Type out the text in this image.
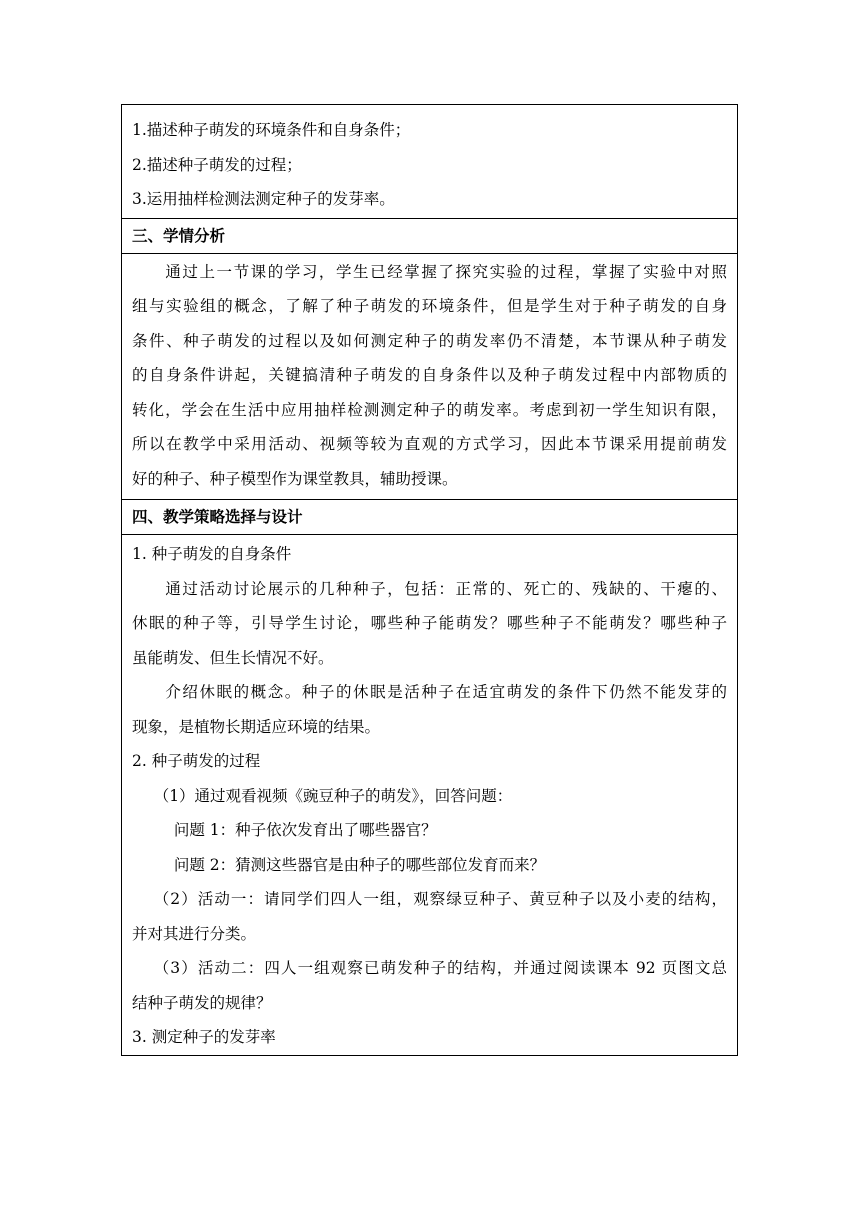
1.描述种子萌发的环境条件和自身条件；
2.描述种子萌发的过程；
3.运用抽样检测法测定种子的发芽率。
三、学情分析
通过上一节课的学习，学生已经掌握了探究实验的过程，掌握了实验中对照
组与实验组的概念，了解了种子萌发的环境条件，但是学生对于种子萌发的自身
条件、种子萌发的过程以及如何测定种子的萌发率仍不清楚，本节课从种子萌发
的自身条件讲起，关键搞清种子萌发的自身条件以及种子萌发过程中内部物质的
转化，学会在生活中应用抽样检测测定种子的萌发率。考虑到初一学生知识有限，
所以在教学中采用活动、视频等较为直观的方式学习，因此本节课采用提前萌发
好的种子、种子模型作为课堂教具，辅助授课。
四、教学策略选择与设计
1. 种子萌发的自身条件
通过活动讨论展示的几种种子，包括：正常的、死亡的、残缺的、干瘪的、
休眠的种子等，引导学生讨论，哪些种子能萌发？哪些种子不能萌发？哪些种子
虽能萌发、但生长情况不好。
介绍休眠的概念。种子的休眠是活种子在适宜萌发的条件下仍然不能发芽的
现象，是植物长期适应环境的结果。
2. 种子萌发的过程
（1）通过观看视频《豌豆种子的萌发》，回答问题：
问题 1：种子依次发育出了哪些器官？
问题 2：猜测这些器官是由种子的哪些部位发育而来？
（2）活动一：请同学们四人一组，观察绿豆种子、黄豆种子以及小麦的结构，
并对其进行分类。
（3）活动二：四人一组观察已萌发种子的结构，并通过阅读课本 92 页图文总
结种子萌发的规律？
3. 测定种子的发芽率
